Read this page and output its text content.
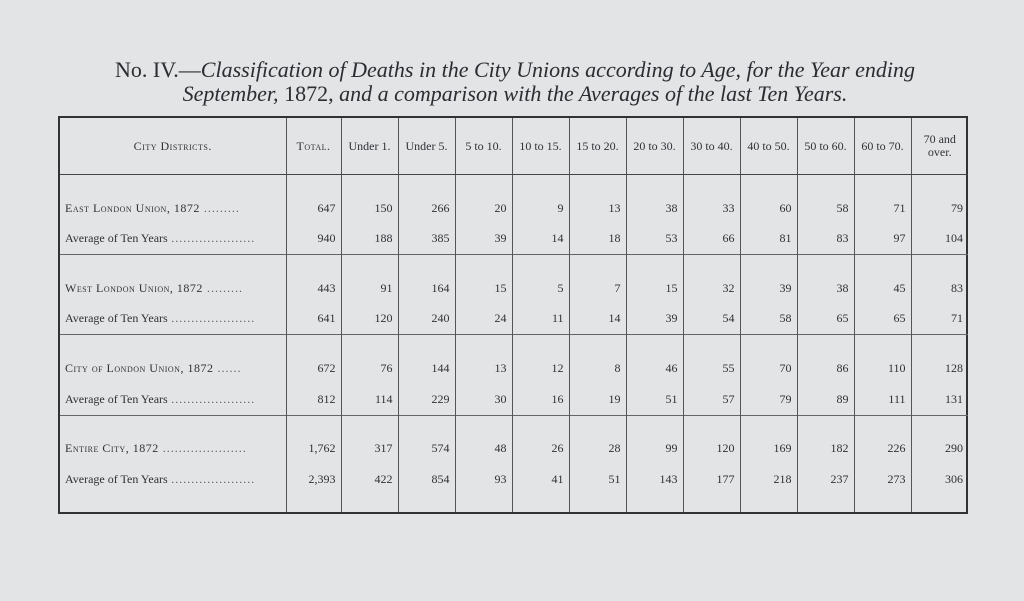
No. IV.—Classification of Deaths in the City Unions according to Age, for the Year ending
September, 1872, and a comparison with the Averages of the last Ten Years.
City Districts.	Total.	Under 1.	Under 5.	5 to 10.	10 to 15.	15 to 20.	20 to 30.	30 to 40.	40 to 50.	50 to 60.	60 to 70.	70 and over.

East London Union, 1872 ………	647	150	266	20	9	13	38	33	60	58	71	79
Average of Ten Years …………………	940	188	385	39	14	18	53	66	81	83	97	104

West London Union, 1872 ………	443	91	164	15	5	7	15	32	39	38	45	83
Average of Ten Years …………………	641	120	240	24	11	14	39	54	58	65	65	71

City of London Union, 1872 ……	672	76	144	13	12	8	46	55	70	86	110	128
Average of Ten Years …………………	812	114	229	30	16	19	51	57	79	89	111	131

Entire City, 1872 …………………	1,762	317	574	48	26	28	99	120	169	182	226	290
Average of Ten Years …………………	2,393	422	854	93	41	51	143	177	218	237	273	306
